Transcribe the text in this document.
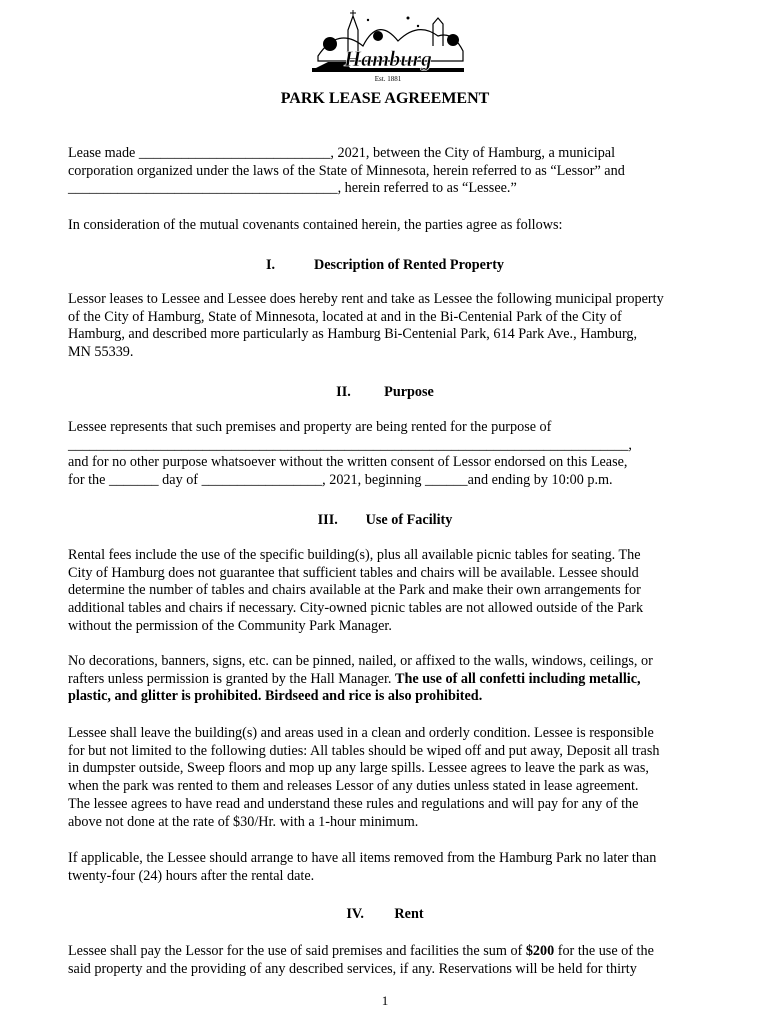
Hamburg
Est. 1881
PARK LEASE AGREEMENT
Lease made ___________________________, 2021, between the City of Hamburg, a municipal
corporation organized under the laws of the State of Minnesota, herein referred to as “Lessor” and
______________________________________, herein referred to as “Lessee.”
In consideration of the mutual covenants contained herein, the parties agree as follows:
I.	Description of Rented Property
Lessor leases to Lessee and Lessee does hereby rent and take as Lessee the following municipal property
of the City of Hamburg, State of Minnesota, located at and in the Bi-Centenial Park of the City of
Hamburg, and described more particularly as Hamburg Bi-Centenial Park, 614 Park Ave., Hamburg,
MN 55339.
II. Purpose
Lessee represents that such premises and property are being rented for the purpose of
_______________________________________________________________________________,
and for no other purpose whatsoever without the written consent of Lessor endorsed on this Lease,
for the _______ day of _________________, 2021, beginning ______and ending by 10:00 p.m.
III. Use of Facility
Rental fees include the use of the specific building(s), plus all available picnic tables for seating. The
City of Hamburg does not guarantee that sufficient tables and chairs will be available. Lessee should
determine the number of tables and chairs available at the Park and make their own arrangements for
additional tables and chairs if necessary. City-owned picnic tables are not allowed outside of the Park
without the permission of the Community Park Manager.
No decorations, banners, signs, etc. can be pinned, nailed, or affixed to the walls, windows, ceilings, or
rafters unless permission is granted by the Hall Manager. The use of all confetti including metallic,
plastic, and glitter is prohibited. Birdseed and rice is also prohibited.
Lessee shall leave the building(s) and areas used in a clean and orderly condition. Lessee is responsible
for but not limited to the following duties: All tables should be wiped off and put away, Deposit all trash
in dumpster outside, Sweep floors and mop up any large spills. Lessee agrees to leave the park as was,
when the park was rented to them and releases Lessor of any duties unless stated in lease agreement.
The lessee agrees to have read and understand these rules and regulations and will pay for any of the
above not done at the rate of $30/Hr. with a 1-hour minimum.
If applicable, the Lessee should arrange to have all items removed from the Hamburg Park no later than
twenty-four (24) hours after the rental date.
IV. Rent
Lessee shall pay the Lessor for the use of said premises and facilities the sum of $200 for the use of the
said property and the providing of any described services, if any. Reservations will be held for thirty
1
